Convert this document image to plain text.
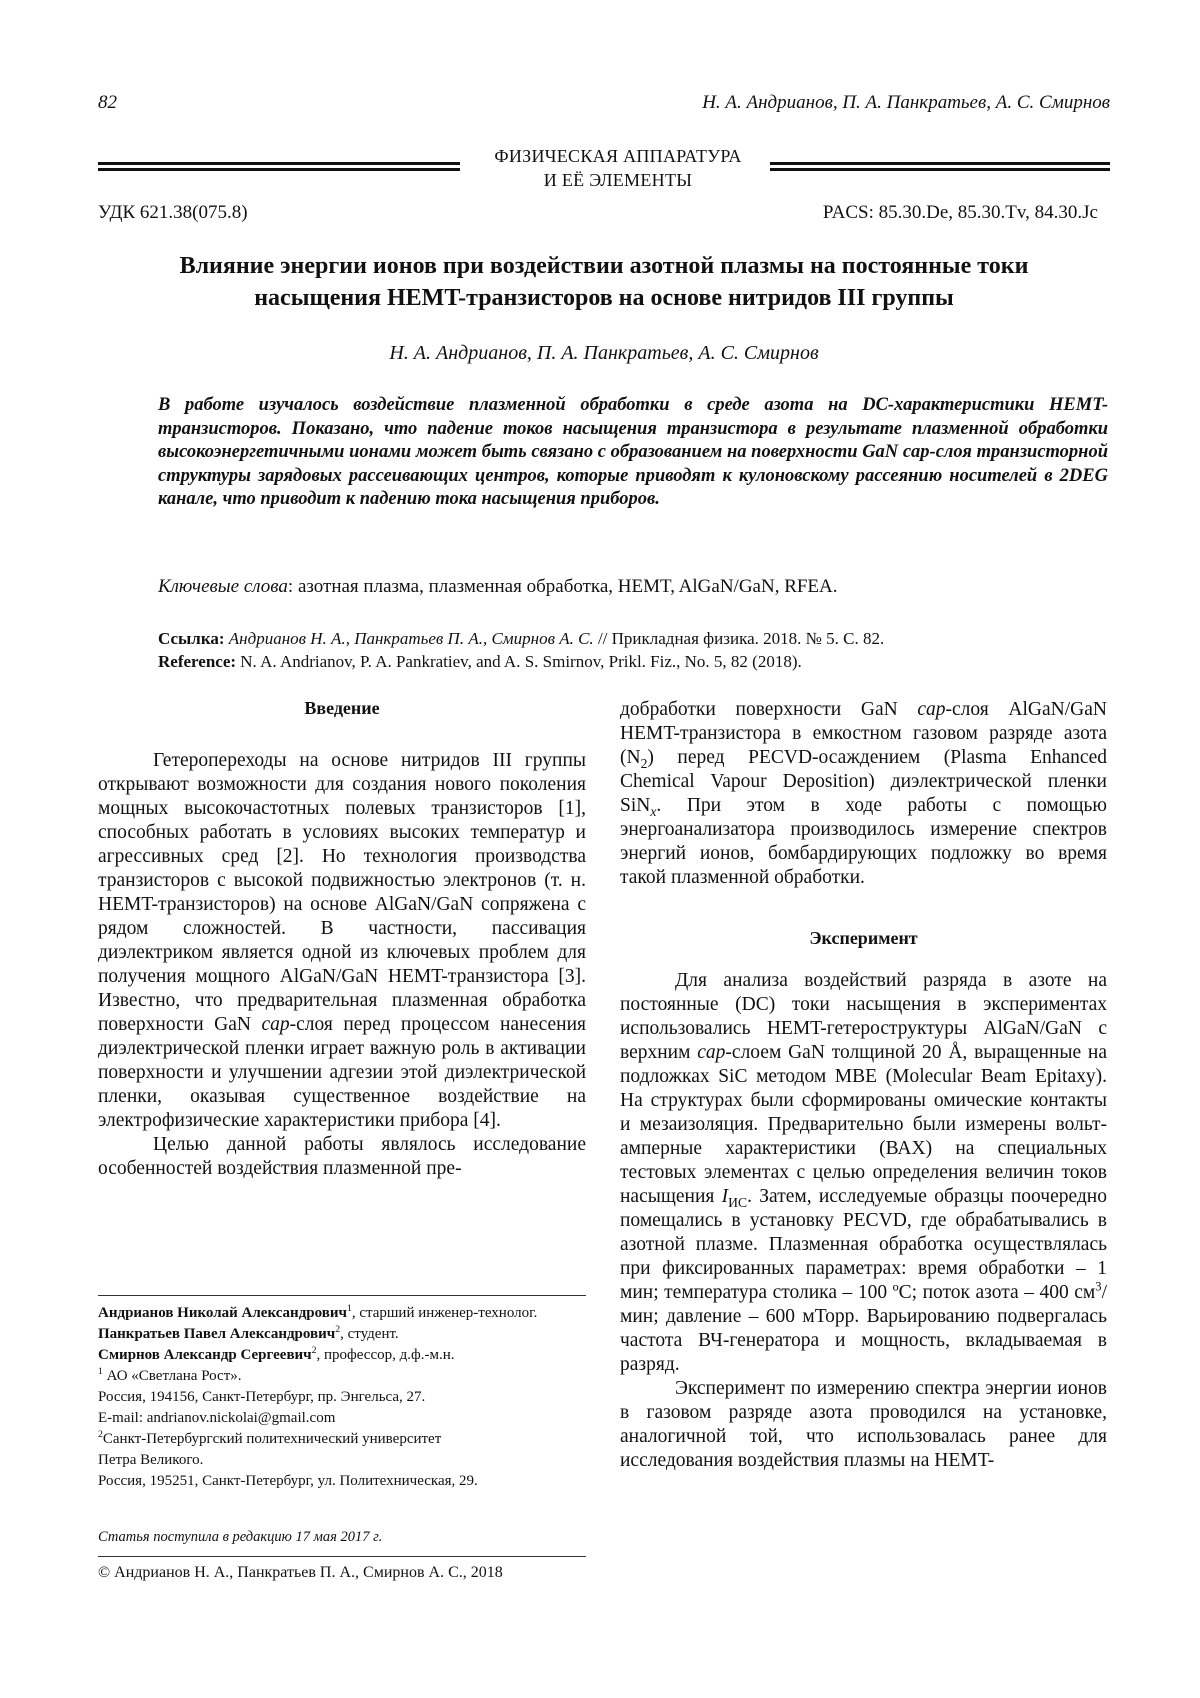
82	Н. А. Андрианов, П. А. Панкратьев, А. С. Смирнов
ФИЗИЧЕСКАЯ АППАРАТУРА
И ЕЁ ЭЛЕМЕНТЫ
УДК 621.38(075.8)	PACS: 85.30.De, 85.30.Tv, 84.30.Jc
Влияние энергии ионов при воздействии азотной плазмы на постоянные токи
насыщения HEMT-транзисторов на основе нитридов III группы
Н. А. Андрианов, П. А. Панкратьев, А. С. Смирнов
В работе изучалось воздействие плазменной обработки в среде азота на DC-характеристики HEMT-транзисторов. Показано, что падение токов насыщения транзистора в результате плазменной обработки высокоэнергетичными ионами может быть связано с образованием на поверхности GaN cap-слоя транзисторной структуры зарядовых рассеивающих центров, которые приводят к кулоновскому рассеянию носителей в 2DEG канале, что приводит к падению тока насыщения приборов.
Ключевые слова: азотная плазма, плазменная обработка, HEMT, AlGaN/GaN, RFEA.
Ссылка: Андрианов Н. А., Панкратьев П. А., Смирнов А. С. // Прикладная физика. 2018. № 5. С. 82.
Reference: N. A. Andrianov, P. A. Pankratiev, and A. S. Smirnov, Prikl. Fiz., No. 5, 82 (2018).

Введение

Гетеропереходы на основе нитридов III группы открывают возможности для создания нового поколения мощных высокочастотных полевых транзисторов [1], способных работать в условиях высоких температур и агрессивных сред [2]. Но технология производства транзисторов с высокой подвижностью электронов (т. н. HEMT-транзисторов) на основе AlGaN/GaN сопряжена с рядом сложностей. В частности, пассивация диэлектриком является одной из ключевых проблем для получения мощного AlGaN/GaN HEMT-транзистора [3]. Известно, что предварительная плазменная обработка поверхности GaN cap-слоя перед процессом нанесения диэлектрической пленки играет важную роль в активации поверхности и улучшении адгезии этой диэлектрической пленки, оказывая существенное воздействие на электрофизические характеристики прибора [4].

Целью данной работы являлось исследование особенностей воздействия плазменной пре-

Андрианов Николай Александрович$^1$, старший инженер-технолог.
Панкратьев Павел Александрович$^2$, студент.
Смирнов Александр Сергеевич$^2$, профессор, д.ф.-м.н.
$^1$ АО «Светлана Рост».
Россия, 194156, Санкт-Петербург, пр. Энгельса, 27.
E-mail: andrianov.nickolai@gmail.com
$^2$Санкт-Петербургский политехнический университет
Петра Великого.
Россия, 195251, Санкт-Петербург, ул. Политехническая, 29.
Статья поступила в редакцию 17 мая 2017 г.
© Андрианов Н. А., Панкратьев П. А., Смирнов А. С., 2018

добработки поверхности GaN cap-слоя AlGaN/GaN HEMT-транзистора в емкостном газовом разряде азота $(N_2)$ перед PECVD-осаждением (Plasma Enhanced Chemical Vapour Deposition) диэлектрической пленки SiN$_x$. При этом в ходе работы с помощью энергоанализатора производилось измерение спектров энергий ионов, бомбардирующих подложку во время такой плазменной обработки.

Эксперимент

Для анализа воздействий разряда в азоте на постоянные (DC) токи насыщения в экспериментах использовались HEMT-гетероструктуры AlGaN/GaN с верхним cap-слоем GaN толщиной 20 Å, выращенные на подложках SiC методом MBE (Molecular Beam Epitaxy). На структурах были сформированы омические контакты и мезаизоляция. Предварительно были измерены вольт-амперные характеристики (ВАХ) на специальных тестовых элементах с целью определения величин токов насыщения $I_{ИС}$. Затем, исследуемые образцы поочередно помещались в установку PECVD, где обрабатывались в азотной плазме. Плазменная обработка осуществлялась при фиксированных параметрах: время обработки – 1 мин; температура столика – 100 ºC; поток азота – 400 $см^3$/мин; давление – 600 мТорр. Варьированию подвергалась частота ВЧ-генератора и мощность, вкладываемая в разряд.

Эксперимент по измерению спектра энергии ионов в газовом разряде азота проводился на установке, аналогичной той, что использовалась ранее для исследования воздействия плазмы на HEMT-
